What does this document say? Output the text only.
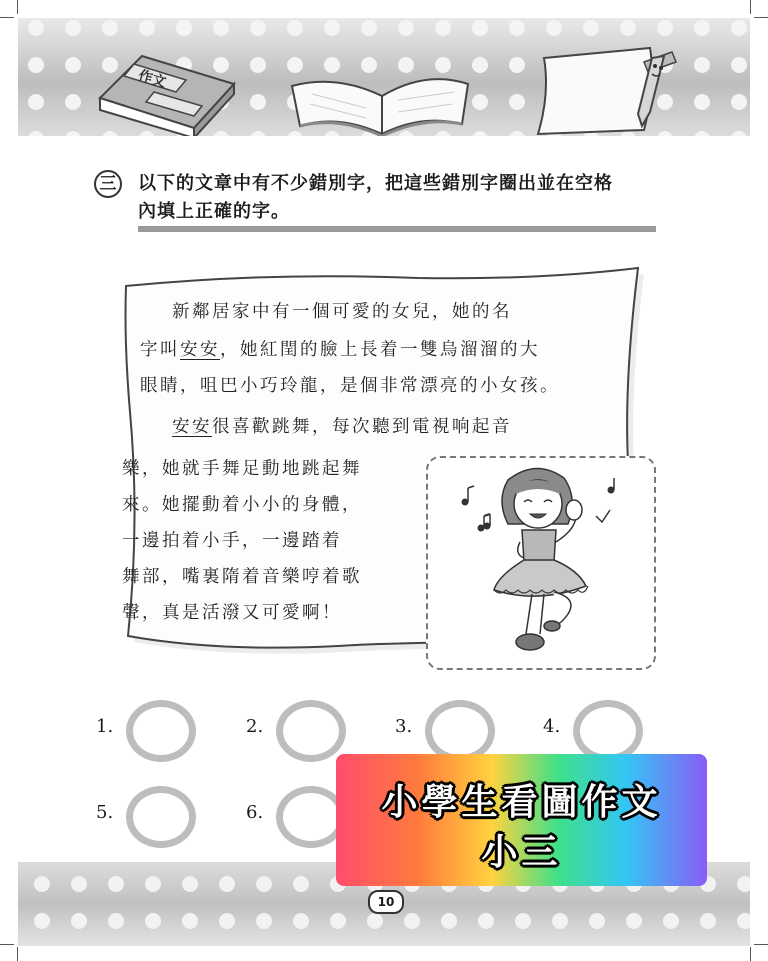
作文
三	以下的文章中有不少錯別字，把這些錯別字圈出並在空格
內填上正確的字。

新鄰居家中有一個可愛的女兒，她的名

字叫安安，她紅閏的臉上長着一雙烏溜溜的大

眼睛，咀巴小巧玲龍，是個非常漂亮的小女孩。

安安很喜歡跳舞，每次聽到電視响起音

樂，她就手舞足動地跳起舞

來。她擺動着小小的身體，

一邊拍着小手，一邊踏着

舞部，嘴裏隋着音樂哼着歌

聲，真是活潑又可愛啊！

1.	2.	3.	4.
5.	6.
10
小學生看圖作文
小三
